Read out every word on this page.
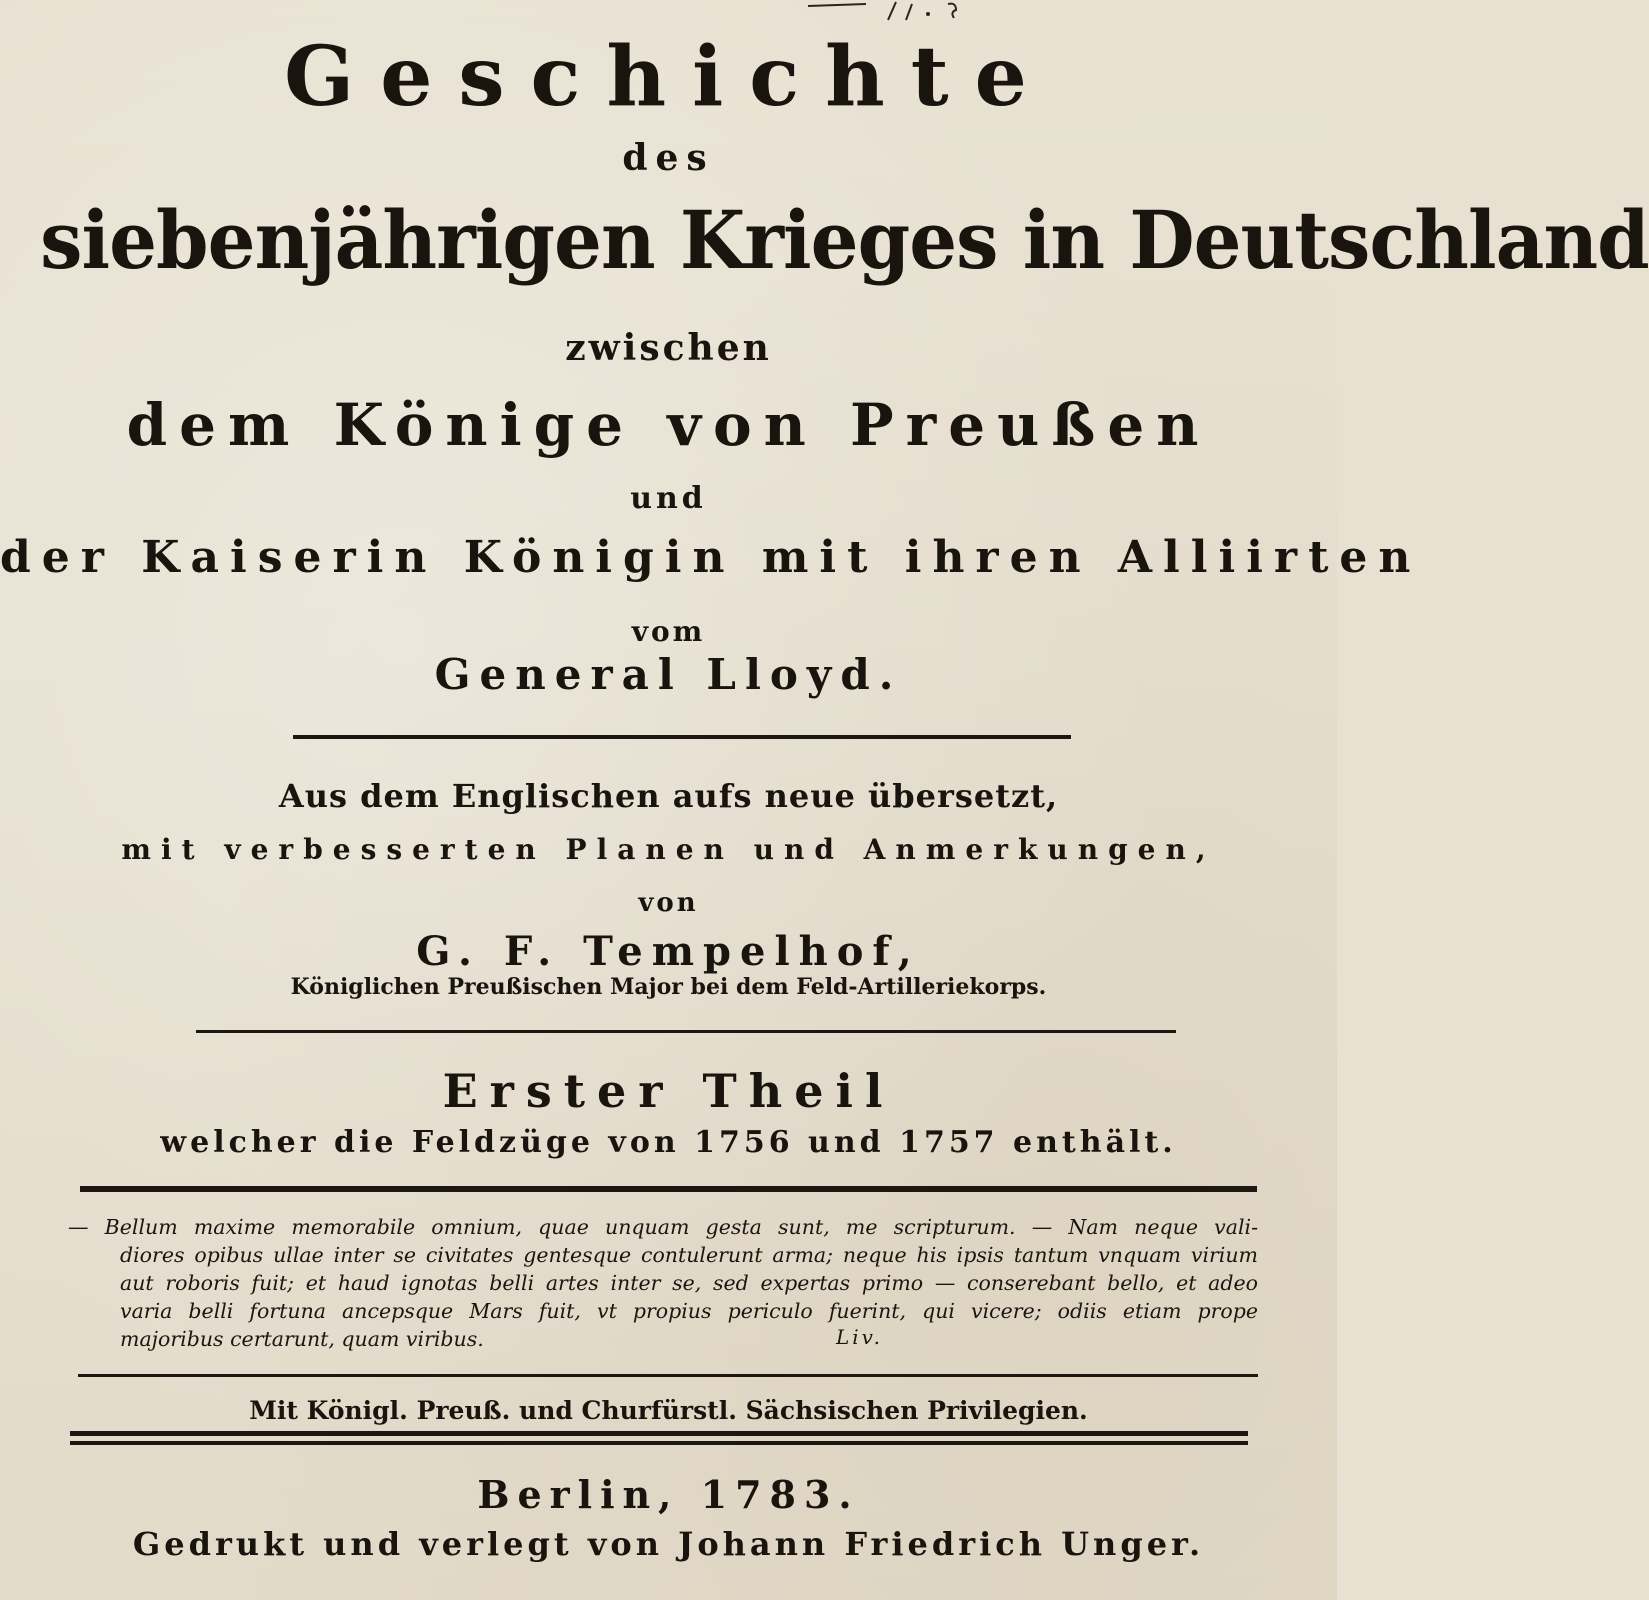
Geschichte
des
siebenjährigen Krieges in Deutschland
zwischen
dem Könige von Preußen
und
der Kaiserin Königin mit ihren Alliirten
vom
General Lloyd.
Aus dem Englischen aufs neue übersetzt,
mit verbesserten Planen und Anmerkungen,
von
G. F. Tempelhof,
Königlichen Preußischen Major bei dem Feld-Artilleriekorps.
Erster Theil
welcher die Feldzüge von 1756 und 1757 enthält.
— Bellum maxime memorabile omnium, quae unquam gesta sunt, me scripturum. — Nam neque vali-
diores opibus ullae inter se civitates gentesque contulerunt arma; neque his ipsis tantum vnquam virium
aut roboris fuit; et haud ignotas belli artes inter se, sed expertas primo — conserebant bello, et adeo
varia belli fortuna ancepsque Mars fuit, vt propius periculo fuerint, qui vicere; odiis etiam prope
majoribus certarunt, quam viribus.	Liv.
Mit Königl. Preuß. und Churfürstl. Sächsischen Privilegien.
Berlin, 1783.
Gedrukt und verlegt von Johann Friedrich Unger.
